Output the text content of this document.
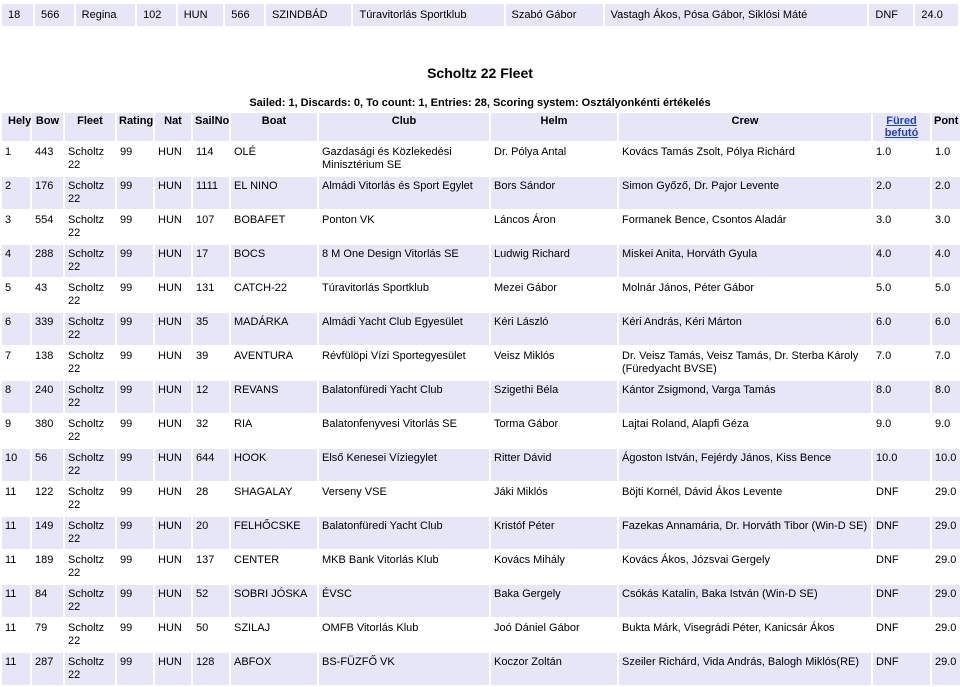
18	566	Regina	102	HUN	566	SZINDBÁD	Túravitorlás Sportklub	Szabó Gábor	Vastagh Ákos, Pósa Gábor, Siklósi Máté	DNF	24.0
Scholtz 22 Fleet
Sailed: 1, Discards: 0, To count: 1, Entries: 28, Scoring system: Osztályonkénti értékelés
Hely	Bow	Fleet	Rating	Nat	SailNo	Boat	Club	Helm	Crew	Füred befutó	Pont
1	443	Scholtz 22	99	HUN	114	OLÉ	Gazdasági és Közlekedési Minisztérium SE	Dr. Pólya Antal	Kovács Tamás Zsolt, Pólya Richárd	1.0	1.0
2	176	Scholtz 22	99	HUN	1111	EL NINO	Almádi Vitorlás és Sport Egylet	Bors Sándor	Simon Győző, Dr. Pajor Levente	2.0	2.0
3	554	Scholtz 22	99	HUN	107	BOBAFET	Ponton VK	Láncos Áron	Formanek Bence, Csontos Aladár	3.0	3.0
4	288	Scholtz 22	99	HUN	17	BOCS	8 M One Design Vitorlás SE	Ludwig Richard	Miskei Anita, Horváth Gyula	4.0	4.0
5	43	Scholtz 22	99	HUN	131	CATCH-22	Túravitorlás Sportklub	Mezei Gábor	Molnár János, Péter Gábor	5.0	5.0
6	339	Scholtz 22	99	HUN	35	MADÁRKA	Almádi Yacht Club Egyesület	Kéri László	Kéri András, Kéri Márton	6.0	6.0
7	138	Scholtz 22	99	HUN	39	AVENTURA	Révfülöpi Vízi Sportegyesület	Veisz Miklós	Dr. Veisz Tamás, Veisz Tamás, Dr. Sterba Károly (Füredyacht BVSE)	7.0	7.0
8	240	Scholtz 22	99	HUN	12	REVANS	Balatonfüredi Yacht Club	Szigethi Béla	Kántor Zsigmond, Varga Tamás	8.0	8.0
9	380	Scholtz 22	99	HUN	32	RIA	Balatonfenyvesi Vitorlás SE	Torma Gábor	Lajtai Roland, Alapfi Géza	9.0	9.0
10	56	Scholtz 22	99	HUN	644	HOOK	Első Kenesei Víziegylet	Ritter Dávid	Ágoston István, Fejérdy János, Kiss Bence	10.0	10.0
11	122	Scholtz 22	99	HUN	28	SHAGALAY	Verseny VSE	Jáki Miklós	Böjti Kornél, Dávid Ákos Levente	DNF	29.0
11	149	Scholtz 22	99	HUN	20	FELHŐCSKE	Balatonfüredi Yacht Club	Kristóf Péter	Fazekas Annamária, Dr. Horváth Tibor (Win-D SE)	DNF	29.0
11	189	Scholtz 22	99	HUN	137	CENTER	MKB Bank Vitorlás Klub	Kovács Mihály	Kovács Ákos, Józsvai Gergely	DNF	29.0
11	84	Scholtz 22	99	HUN	52	SOBRI JÓSKA	ÉVSC	Baka Gergely	Csókás Katalin, Baka István (Win-D SE)	DNF	29.0
11	79	Scholtz 22	99	HUN	50	SZILAJ	OMFB Vitorlás Klub	Joó Dániel Gábor	Bukta Márk, Visegrádi Péter, Kanicsár Ákos	DNF	29.0
11	287	Scholtz 22	99	HUN	128	ABFOX	BS-FÜZFŐ VK	Koczor Zoltán	Szeiler Richárd, Vida András, Balogh Miklós(RE)	DNF	29.0
